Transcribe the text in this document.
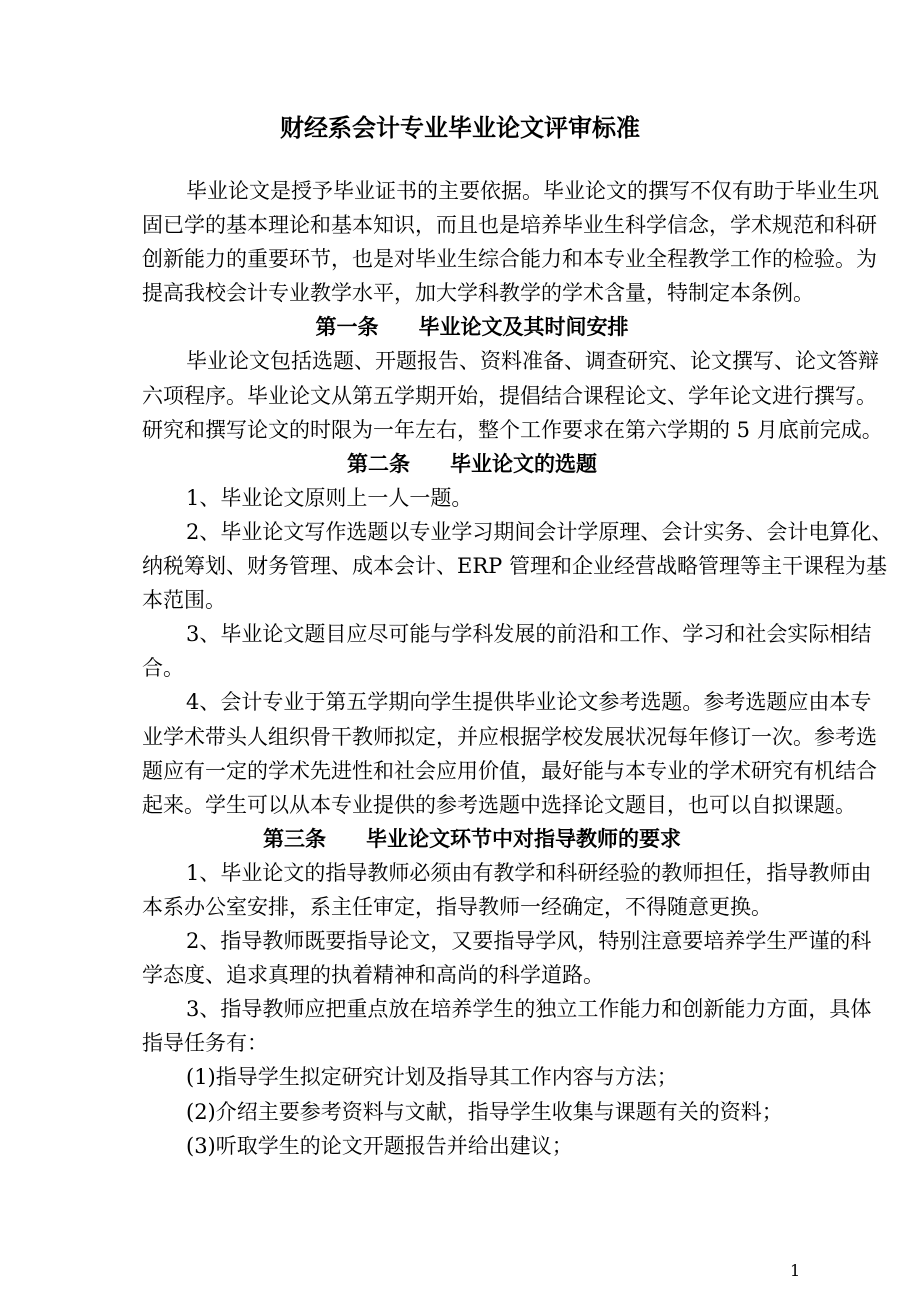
财经系会计专业毕业论文评审标准
毕业论文是授予毕业证书的主要依据。毕业论文的撰写不仅有助于毕业生巩
固已学的基本理论和基本知识，而且也是培养毕业生科学信念，学术规范和科研
创新能力的重要环节，也是对毕业生综合能力和本专业全程教学工作的检验。为
提高我校会计专业教学水平，加大学科教学的学术含量，特制定本条例。
第一条 毕业论文及其时间安排
毕业论文包括选题、开题报告、资料准备、调查研究、论文撰写、论文答辩
六项程序。毕业论文从第五学期开始，提倡结合课程论文、学年论文进行撰写。
研究和撰写论文的时限为一年左右，整个工作要求在第六学期的 5 月底前完成。
第二条 毕业论文的选题
1、毕业论文原则上一人一题。
2、毕业论文写作选题以专业学习期间会计学原理、会计实务、会计电算化、
纳税筹划、财务管理、成本会计、ERP 管理和企业经营战略管理等主干课程为基
本范围。
3、毕业论文题目应尽可能与学科发展的前沿和工作、学习和社会实际相结
合。
4、会计专业于第五学期向学生提供毕业论文参考选题。参考选题应由本专
业学术带头人组织骨干教师拟定，并应根据学校发展状况每年修订一次。参考选
题应有一定的学术先进性和社会应用价值，最好能与本专业的学术研究有机结合
起来。学生可以从本专业提供的参考选题中选择论文题目，也可以自拟课题。
第三条 毕业论文环节中对指导教师的要求
1、毕业论文的指导教师必须由有教学和科研经验的教师担任，指导教师由
本系办公室安排，系主任审定，指导教师一经确定，不得随意更换。
2、指导教师既要指导论文，又要指导学风，特别注意要培养学生严谨的科
学态度、追求真理的执着精神和高尚的科学道路。
3、指导教师应把重点放在培养学生的独立工作能力和创新能力方面，具体
指导任务有：
(1)指导学生拟定研究计划及指导其工作内容与方法；
(2)介绍主要参考资料与文献，指导学生收集与课题有关的资料；
(3)听取学生的论文开题报告并给出建议；
1
